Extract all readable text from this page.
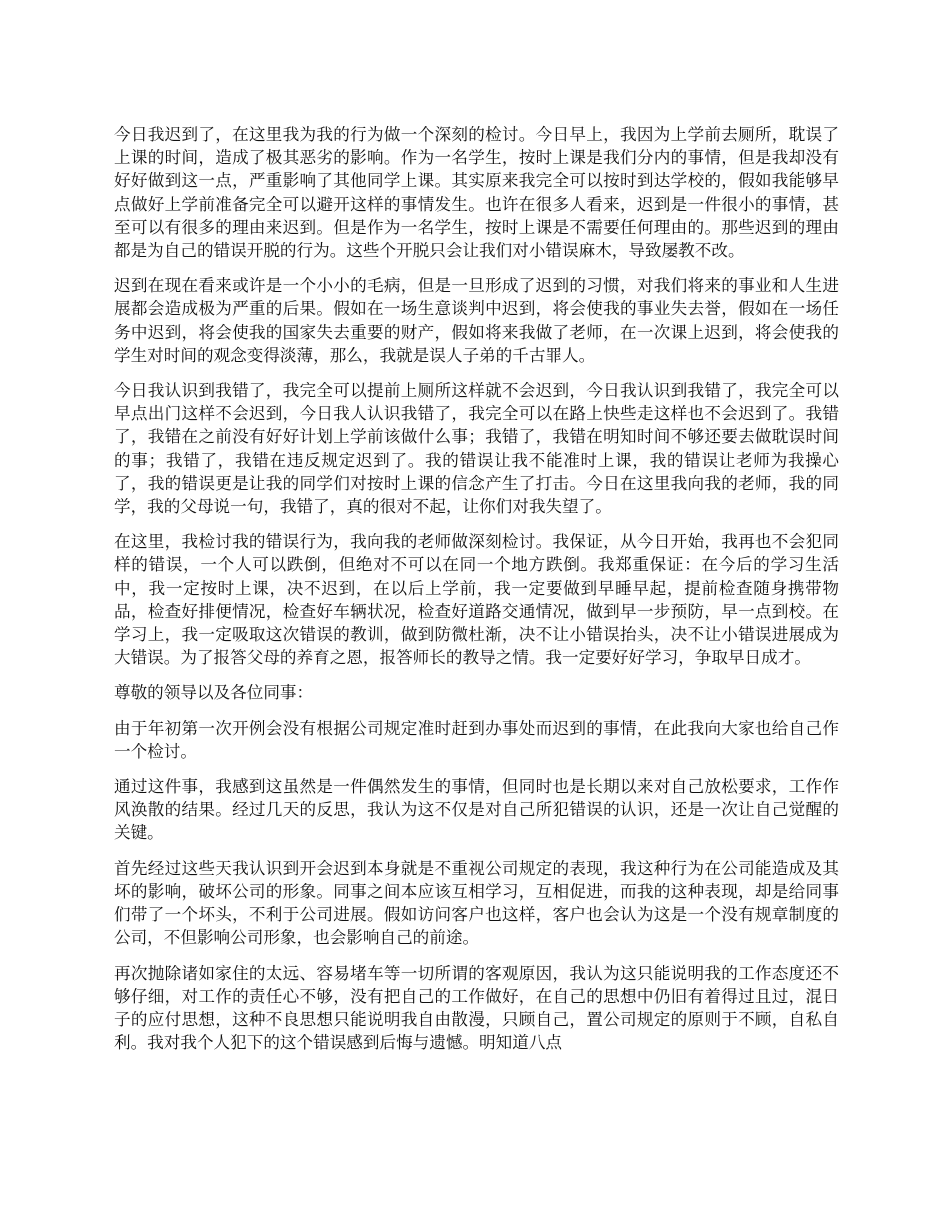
今日我迟到了，在这里我为我的行为做一个深刻的检讨。今日早上，我因为上学前去厕所，耽误了上课的时间，造成了极其恶劣的影响。作为一名学生，按时上课是我们分内的事情，但是我却没有好好做到这一点，严重影响了其他同学上课。其实原来我完全可以按时到达学校的，假如我能够早点做好上学前准备完全可以避开这样的事情发生。也许在很多人看来，迟到是一件很小的事情，甚至可以有很多的理由来迟到。但是作为一名学生，按时上课是不需要任何理由的。那些迟到的理由都是为自己的错误开脱的行为。这些个开脱只会让我们对小错误麻木，导致屡教不改。

迟到在现在看来或许是一个小小的毛病，但是一旦形成了迟到的习惯，对我们将来的事业和人生进展都会造成极为严重的后果。假如在一场生意谈判中迟到，将会使我的事业失去誉，假如在一场任务中迟到，将会使我的国家失去重要的财产，假如将来我做了老师，在一次课上迟到，将会使我的学生对时间的观念变得淡薄，那么，我就是误人子弟的千古罪人。

今日我认识到我错了，我完全可以提前上厕所这样就不会迟到，今日我认识到我错了，我完全可以早点出门这样不会迟到，今日我人认识我错了，我完全可以在路上快些走这样也不会迟到了。我错了，我错在之前没有好好计划上学前该做什么事；我错了，我错在明知时间不够还要去做耽误时间的事；我错了，我错在违反规定迟到了。我的错误让我不能准时上课，我的错误让老师为我操心了，我的错误更是让我的同学们对按时上课的信念产生了打击。今日在这里我向我的老师，我的同学，我的父母说一句，我错了，真的很对不起，让你们对我失望了。

在这里，我检讨我的错误行为，我向我的老师做深刻检讨。我保证，从今日开始，我再也不会犯同样的错误，一个人可以跌倒，但绝对不可以在同一个地方跌倒。我郑重保证：在今后的学习生活中，我一定按时上课，决不迟到，在以后上学前，我一定要做到早睡早起，提前检查随身携带物品，检查好排便情况，检查好车辆状况，检查好道路交通情况，做到早一步预防，早一点到校。在学习上，我一定吸取这次错误的教训，做到防微杜渐，决不让小错误抬头，决不让小错误进展成为大错误。为了报答父母的养育之恩，报答师长的教导之情。我一定要好好学习，争取早日成才。

尊敬的领导以及各位同事：

由于年初第一次开例会没有根据公司规定准时赶到办事处而迟到的事情，在此我向大家也给自己作一个检讨。

通过这件事，我感到这虽然是一件偶然发生的事情，但同时也是长期以来对自己放松要求，工作作风涣散的结果。经过几天的反思，我认为这不仅是对自己所犯错误的认识，还是一次让自己觉醒的关键。

首先经过这些天我认识到开会迟到本身就是不重视公司规定的表现，我这种行为在公司能造成及其坏的影响，破坏公司的形象。同事之间本应该互相学习，互相促进，而我的这种表现，却是给同事们带了一个坏头，不利于公司进展。假如访问客户也这样，客户也会认为这是一个没有规章制度的公司，不但影响公司形象，也会影响自己的前途。

再次抛除诸如家住的太远、容易堵车等一切所谓的客观原因，我认为这只能说明我的工作态度还不够仔细，对工作的责任心不够，没有把自己的工作做好，在自己的思想中仍旧有着得过且过，混日子的应付思想，这种不良思想只能说明我自由散漫，只顾自己，置公司规定的原则于不顾，自私自利。我对我个人犯下的这个错误感到后悔与遗憾。明知道八点
